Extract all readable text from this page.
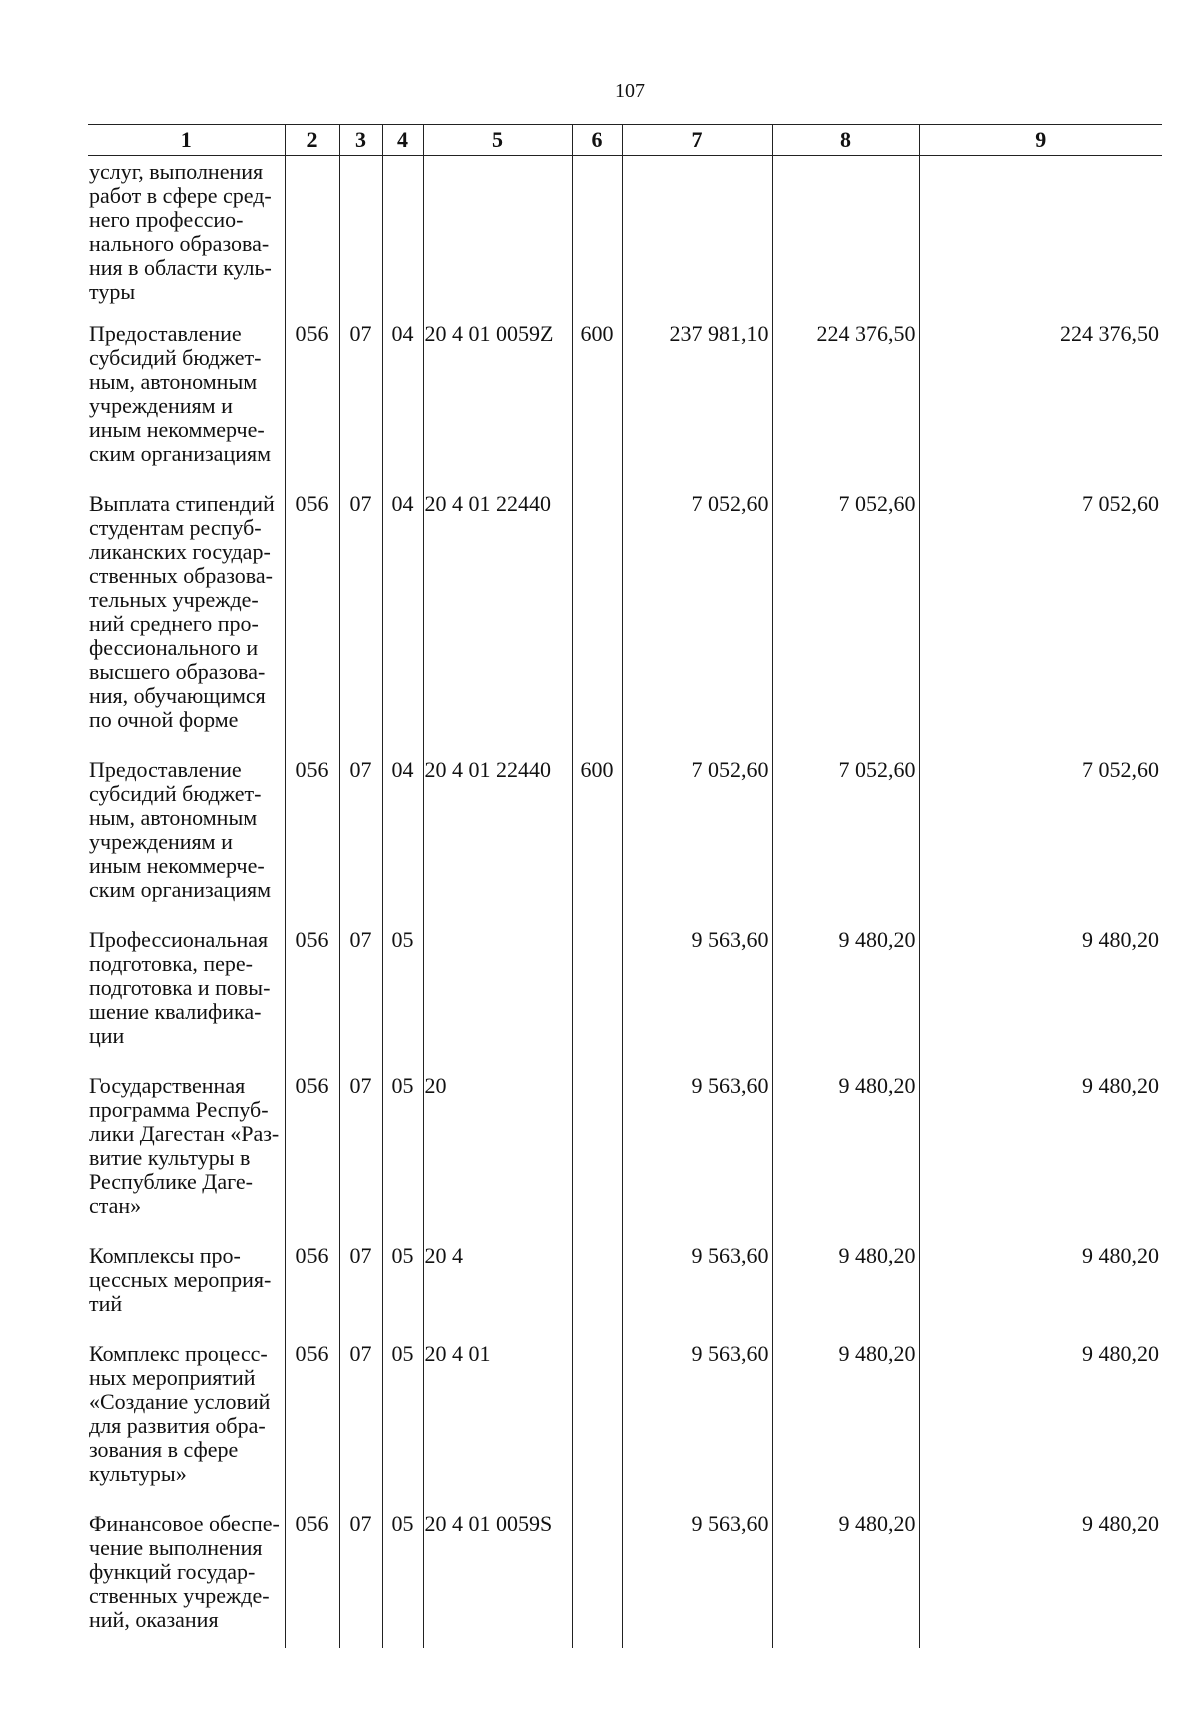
107
1	2	3	4	5	6	7	8	9
услуг, выполнения работ в сфере сред-него профессио-нального образова-ния в области куль-туры								
Предоставление субсидий бюджет-ным, автономным учреждениям и иным некоммерче-ским организациям	056	07	04	20 4 01 0059Z	600	237 981,10	224 376,50	224 376,50
Выплата стипендий студентам респуб-ликанских государ-ственных образова-тельных учрежде-ний среднего про-фессионального и высшего образова-ния, обучающимся по очной форме	056	07	04	20 4 01 22440		7 052,60	7 052,60	7 052,60
Предоставление субсидий бюджет-ным, автономным учреждениям и иным некоммерче-ским организациям	056	07	04	20 4 01 22440	600	7 052,60	7 052,60	7 052,60
Профессиональная подготовка, пере-подготовка и повы-шение квалифика-ции	056	07	05			9 563,60	9 480,20	9 480,20
Государственная программа Респуб-лики Дагестан «Раз-витие культуры в Республике Даге-стан»	056	07	05	20		9 563,60	9 480,20	9 480,20
Комплексы про-цессных мероприя-тий	056	07	05	20 4		9 563,60	9 480,20	9 480,20
Комплекс процесс-ных мероприятий «Создание условий для развития обра-зования в сфере культуры»	056	07	05	20 4 01		9 563,60	9 480,20	9 480,20
Финансовое обеспе-чение выполнения функций государ-ственных учрежде-ний, оказания	056	07	05	20 4 01 0059S		9 563,60	9 480,20	9 480,20
